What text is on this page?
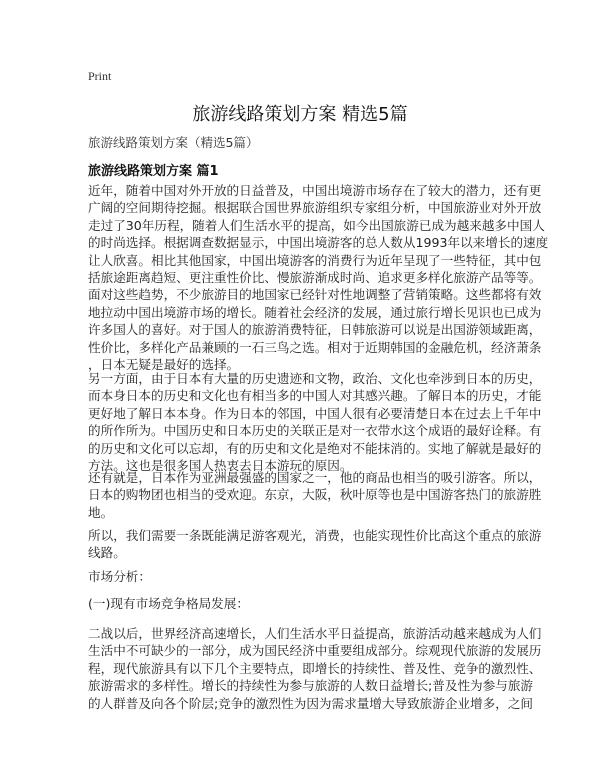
Print
旅游线路策划方案 精选5篇
旅游线路策划方案（精选5篇）
旅游线路策划方案 篇1
近年，随着中国对外开放的日益普及，中国出境游市场存在了较大的潜力，还有更
广阔的空间期待挖掘。根据联合国世界旅游组织专家组分析，中国旅游业对外开放
走过了30年历程，随着人们生活水平的提高，如今出国旅游已成为越来越多中国人
的时尚选择。根据调查数据显示，中国出境游客的总人数从1993年以来增长的速度
让人欣喜。相比其他国家，中国出境游客的消费行为近年呈现了一些特征，其中包
括旅途距离趋短、更注重性价比、慢旅游渐成时尚、追求更多样化旅游产品等等。
面对这些趋势，不少旅游目的地国家已经针对性地调整了营销策略。这些都将有效
地拉动中国出境游市场的增长。随着社会经济的发展，通过旅行增长见识也已成为
许多国人的喜好。对于国人的旅游消费特征，日韩旅游可以说是出国游领域距离，
性价比，多样化产品兼顾的一石三鸟之选。相对于近期韩国的金融危机，经济萧条
，日本无疑是最好的选择。
另一方面，由于日本有大量的历史遗迹和文物，政治、文化也牵涉到日本的历史，
而本身日本的历史和文化也有相当多的中国人对其感兴趣。了解日本的历史，才能
更好地了解日本本身。作为日本的邻国，中国人很有必要清楚日本在过去上千年中
的所作所为。中国历史和日本历史的关联正是对一衣带水这个成语的最好诠释。有
的历史和文化可以忘却，有的历史和文化是绝对不能抹消的。实地了解就是最好的
方法。这也是很多国人热衷去日本游玩的原因。
还有就是，日本作为亚洲最强盛的国家之一，他的商品也相当的吸引游客。所以，
日本的购物团也相当的受欢迎。东京，大阪，秋叶原等也是中国游客热门的旅游胜
地。
所以，我们需要一条既能满足游客观光，消费，也能实现性价比高这个重点的旅游
线路。
市场分析：
(一)现有市场竞争格局发展：
二战以后，世界经济高速增长，人们生活水平日益提高，旅游活动越来越成为人们
生活中不可缺少的一部分，成为国民经济中重要组成部分。综观现代旅游的发展历
程，现代旅游具有以下几个主要特点，即增长的持续性、普及性、竞争的激烈性、
旅游需求的多样性。增长的持续性为参与旅游的人数日益增长;普及性为参与旅游
的人群普及向各个阶层;竞争的激烈性为因为需求量增大导致旅游企业增多，之间
